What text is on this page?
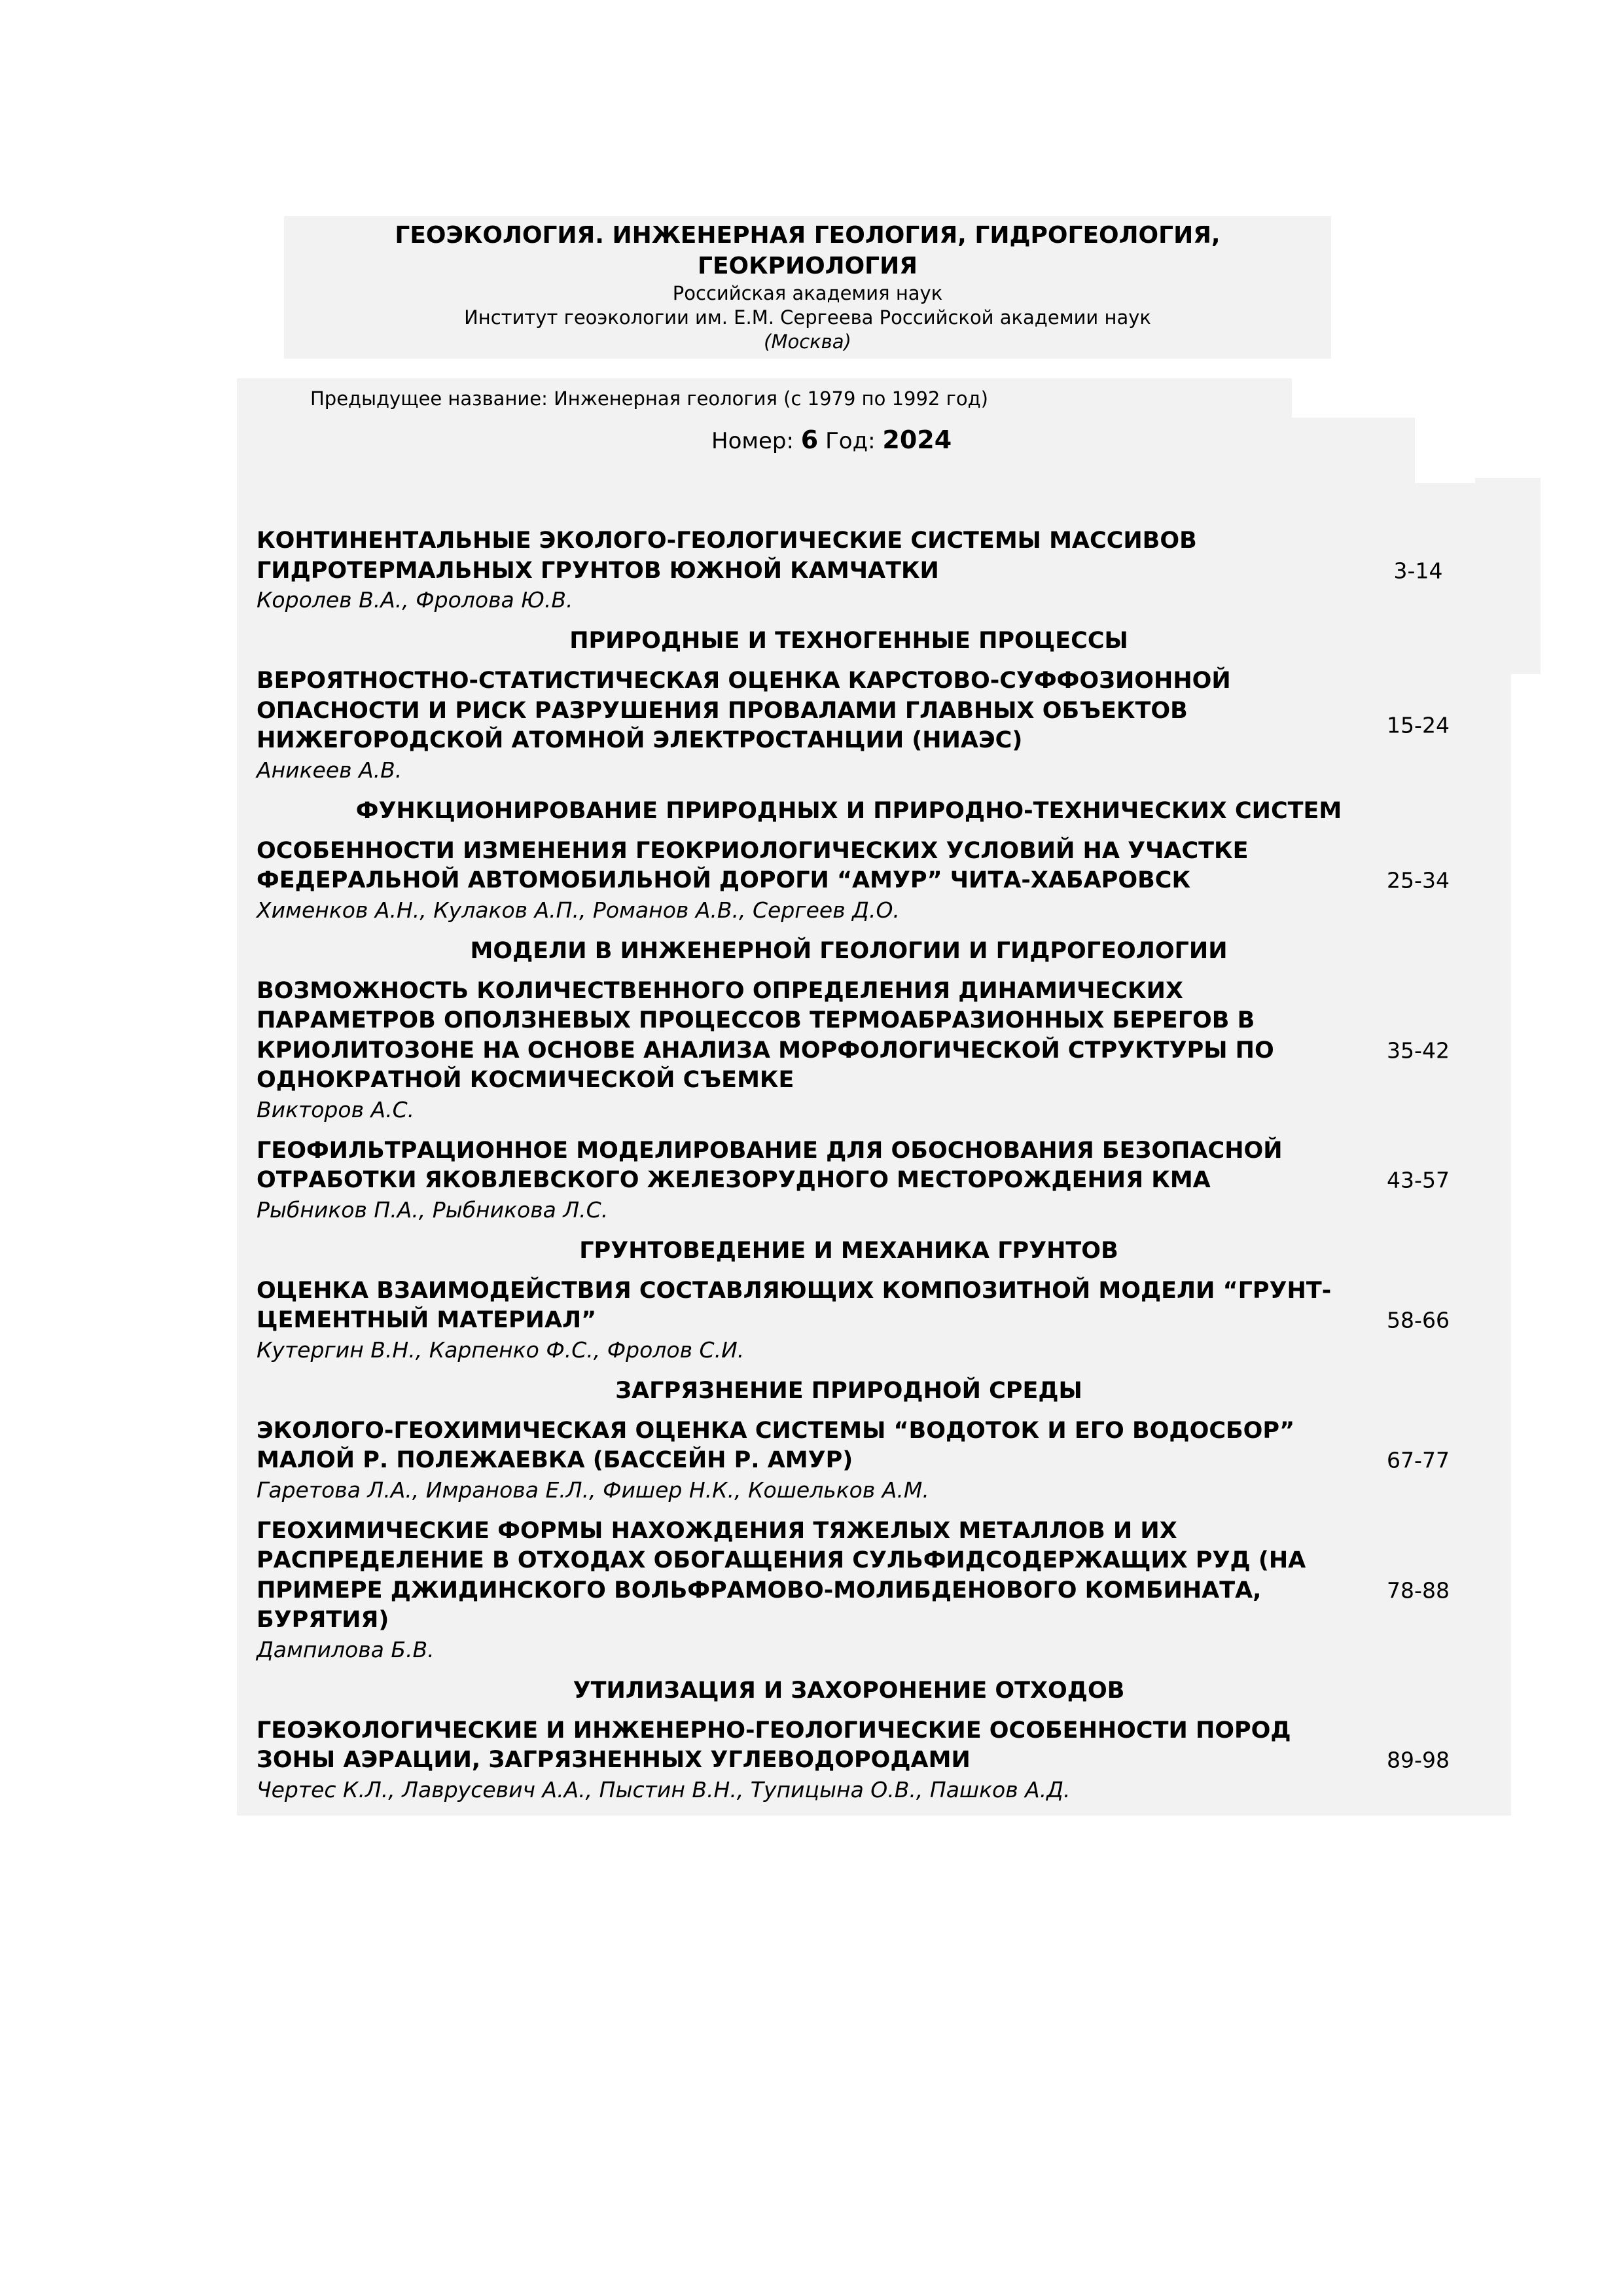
ГЕОЭКОЛОГИЯ. ИНЖЕНЕРНАЯ ГЕОЛОГИЯ, ГИДРОГЕОЛОГИЯ,
ГЕОКРИОЛОГИЯ
Российская академия наук
Институт геоэкологии им. Е.М. Сергеева Российской академии наук
(Москва)
Предыдущее название: Инженерная геология (с 1979 по 1992 год)
Номер: 6 Год: 2024
КОНТИНЕНТАЛЬНЫЕ ЭКОЛОГО-ГЕОЛОГИЧЕСКИЕ СИСТЕМЫ МАССИВОВ ГИДРОТЕРМАЛЬНЫХ ГРУНТОВ ЮЖНОЙ КАМЧАТКИ
Королев В.А., Фролова Ю.В.
3-14
ПРИРОДНЫЕ И ТЕХНОГЕННЫЕ ПРОЦЕССЫ
ВЕРОЯТНОСТНО-СТАТИСТИЧЕСКАЯ ОЦЕНКА КАРСТОВО-СУФФОЗИОННОЙ ОПАСНОСТИ И РИСК РАЗРУШЕНИЯ ПРОВАЛАМИ ГЛАВНЫХ ОБЪЕКТОВ НИЖЕГОРОДСКОЙ АТОМНОЙ ЭЛЕКТРОСТАНЦИИ (НИАЭС)
Аникеев А.В.
15-24
ФУНКЦИОНИРОВАНИЕ ПРИРОДНЫХ И ПРИРОДНО-ТЕХНИЧЕСКИХ СИСТЕМ
ОСОБЕННОСТИ ИЗМЕНЕНИЯ ГЕОКРИОЛОГИЧЕСКИХ УСЛОВИЙ НА УЧАСТКЕ ФЕДЕРАЛЬНОЙ АВТОМОБИЛЬНОЙ ДОРОГИ “АМУР” ЧИТА-ХАБАРОВСК
Хименков А.Н., Кулаков А.П., Романов А.В., Сергеев Д.О.
25-34
МОДЕЛИ В ИНЖЕНЕРНОЙ ГЕОЛОГИИ И ГИДРОГЕОЛОГИИ
ВОЗМОЖНОСТЬ КОЛИЧЕСТВЕННОГО ОПРЕДЕЛЕНИЯ ДИНАМИЧЕСКИХ ПАРАМЕТРОВ ОПОЛЗНЕВЫХ ПРОЦЕССОВ ТЕРМОАБРАЗИОННЫХ БЕРЕГОВ В КРИОЛИТОЗОНЕ НА ОСНОВЕ АНАЛИЗА МОРФОЛОГИЧЕСКОЙ СТРУКТУРЫ ПО ОДНОКРАТНОЙ КОСМИЧЕСКОЙ СЪЕМКЕ
Викторов А.С.
35-42
ГЕОФИЛЬТРАЦИОННОЕ МОДЕЛИРОВАНИЕ ДЛЯ ОБОСНОВАНИЯ БЕЗОПАСНОЙ ОТРАБОТКИ ЯКОВЛЕВСКОГО ЖЕЛЕЗОРУДНОГО МЕСТОРОЖДЕНИЯ КМА
Рыбников П.А., Рыбникова Л.С.
43-57
ГРУНТОВЕДЕНИЕ И МЕХАНИКА ГРУНТОВ
ОЦЕНКА ВЗАИМОДЕЙСТВИЯ СОСТАВЛЯЮЩИХ КОМПОЗИТНОЙ МОДЕЛИ “ГРУНТ-ЦЕМЕНТНЫЙ МАТЕРИАЛ”
Кутергин В.Н., Карпенко Ф.С., Фролов С.И.
58-66
ЗАГРЯЗНЕНИЕ ПРИРОДНОЙ СРЕДЫ
ЭКОЛОГО-ГЕОХИМИЧЕСКАЯ ОЦЕНКА СИСТЕМЫ “ВОДОТОК И ЕГО ВОДОСБОР” МАЛОЙ Р. ПОЛЕЖАЕВКА (БАССЕЙН Р. АМУР)
Гаретова Л.А., Имранова Е.Л., Фишер Н.К., Кошельков А.М.
67-77
ГЕОХИМИЧЕСКИЕ ФОРМЫ НАХОЖДЕНИЯ ТЯЖЕЛЫХ МЕТАЛЛОВ И ИХ РАСПРЕДЕЛЕНИЕ В ОТХОДАХ ОБОГАЩЕНИЯ СУЛЬФИДСОДЕРЖАЩИХ РУД (НА ПРИМЕРЕ ДЖИДИНСКОГО ВОЛЬФРАМОВО-МОЛИБДЕНОВОГО КОМБИНАТА, БУРЯТИЯ)
Дампилова Б.В.
78-88
УТИЛИЗАЦИЯ И ЗАХОРОНЕНИЕ ОТХОДОВ
ГЕОЭКОЛОГИЧЕСКИЕ И ИНЖЕНЕРНО-ГЕОЛОГИЧЕСКИЕ ОСОБЕННОСТИ ПОРОД ЗОНЫ АЭРАЦИИ, ЗАГРЯЗНЕННЫХ УГЛЕВОДОРОДАМИ
Чертес К.Л., Лаврусевич А.А., Пыстин В.Н., Тупицына О.В., Пашков А.Д.
89-98
